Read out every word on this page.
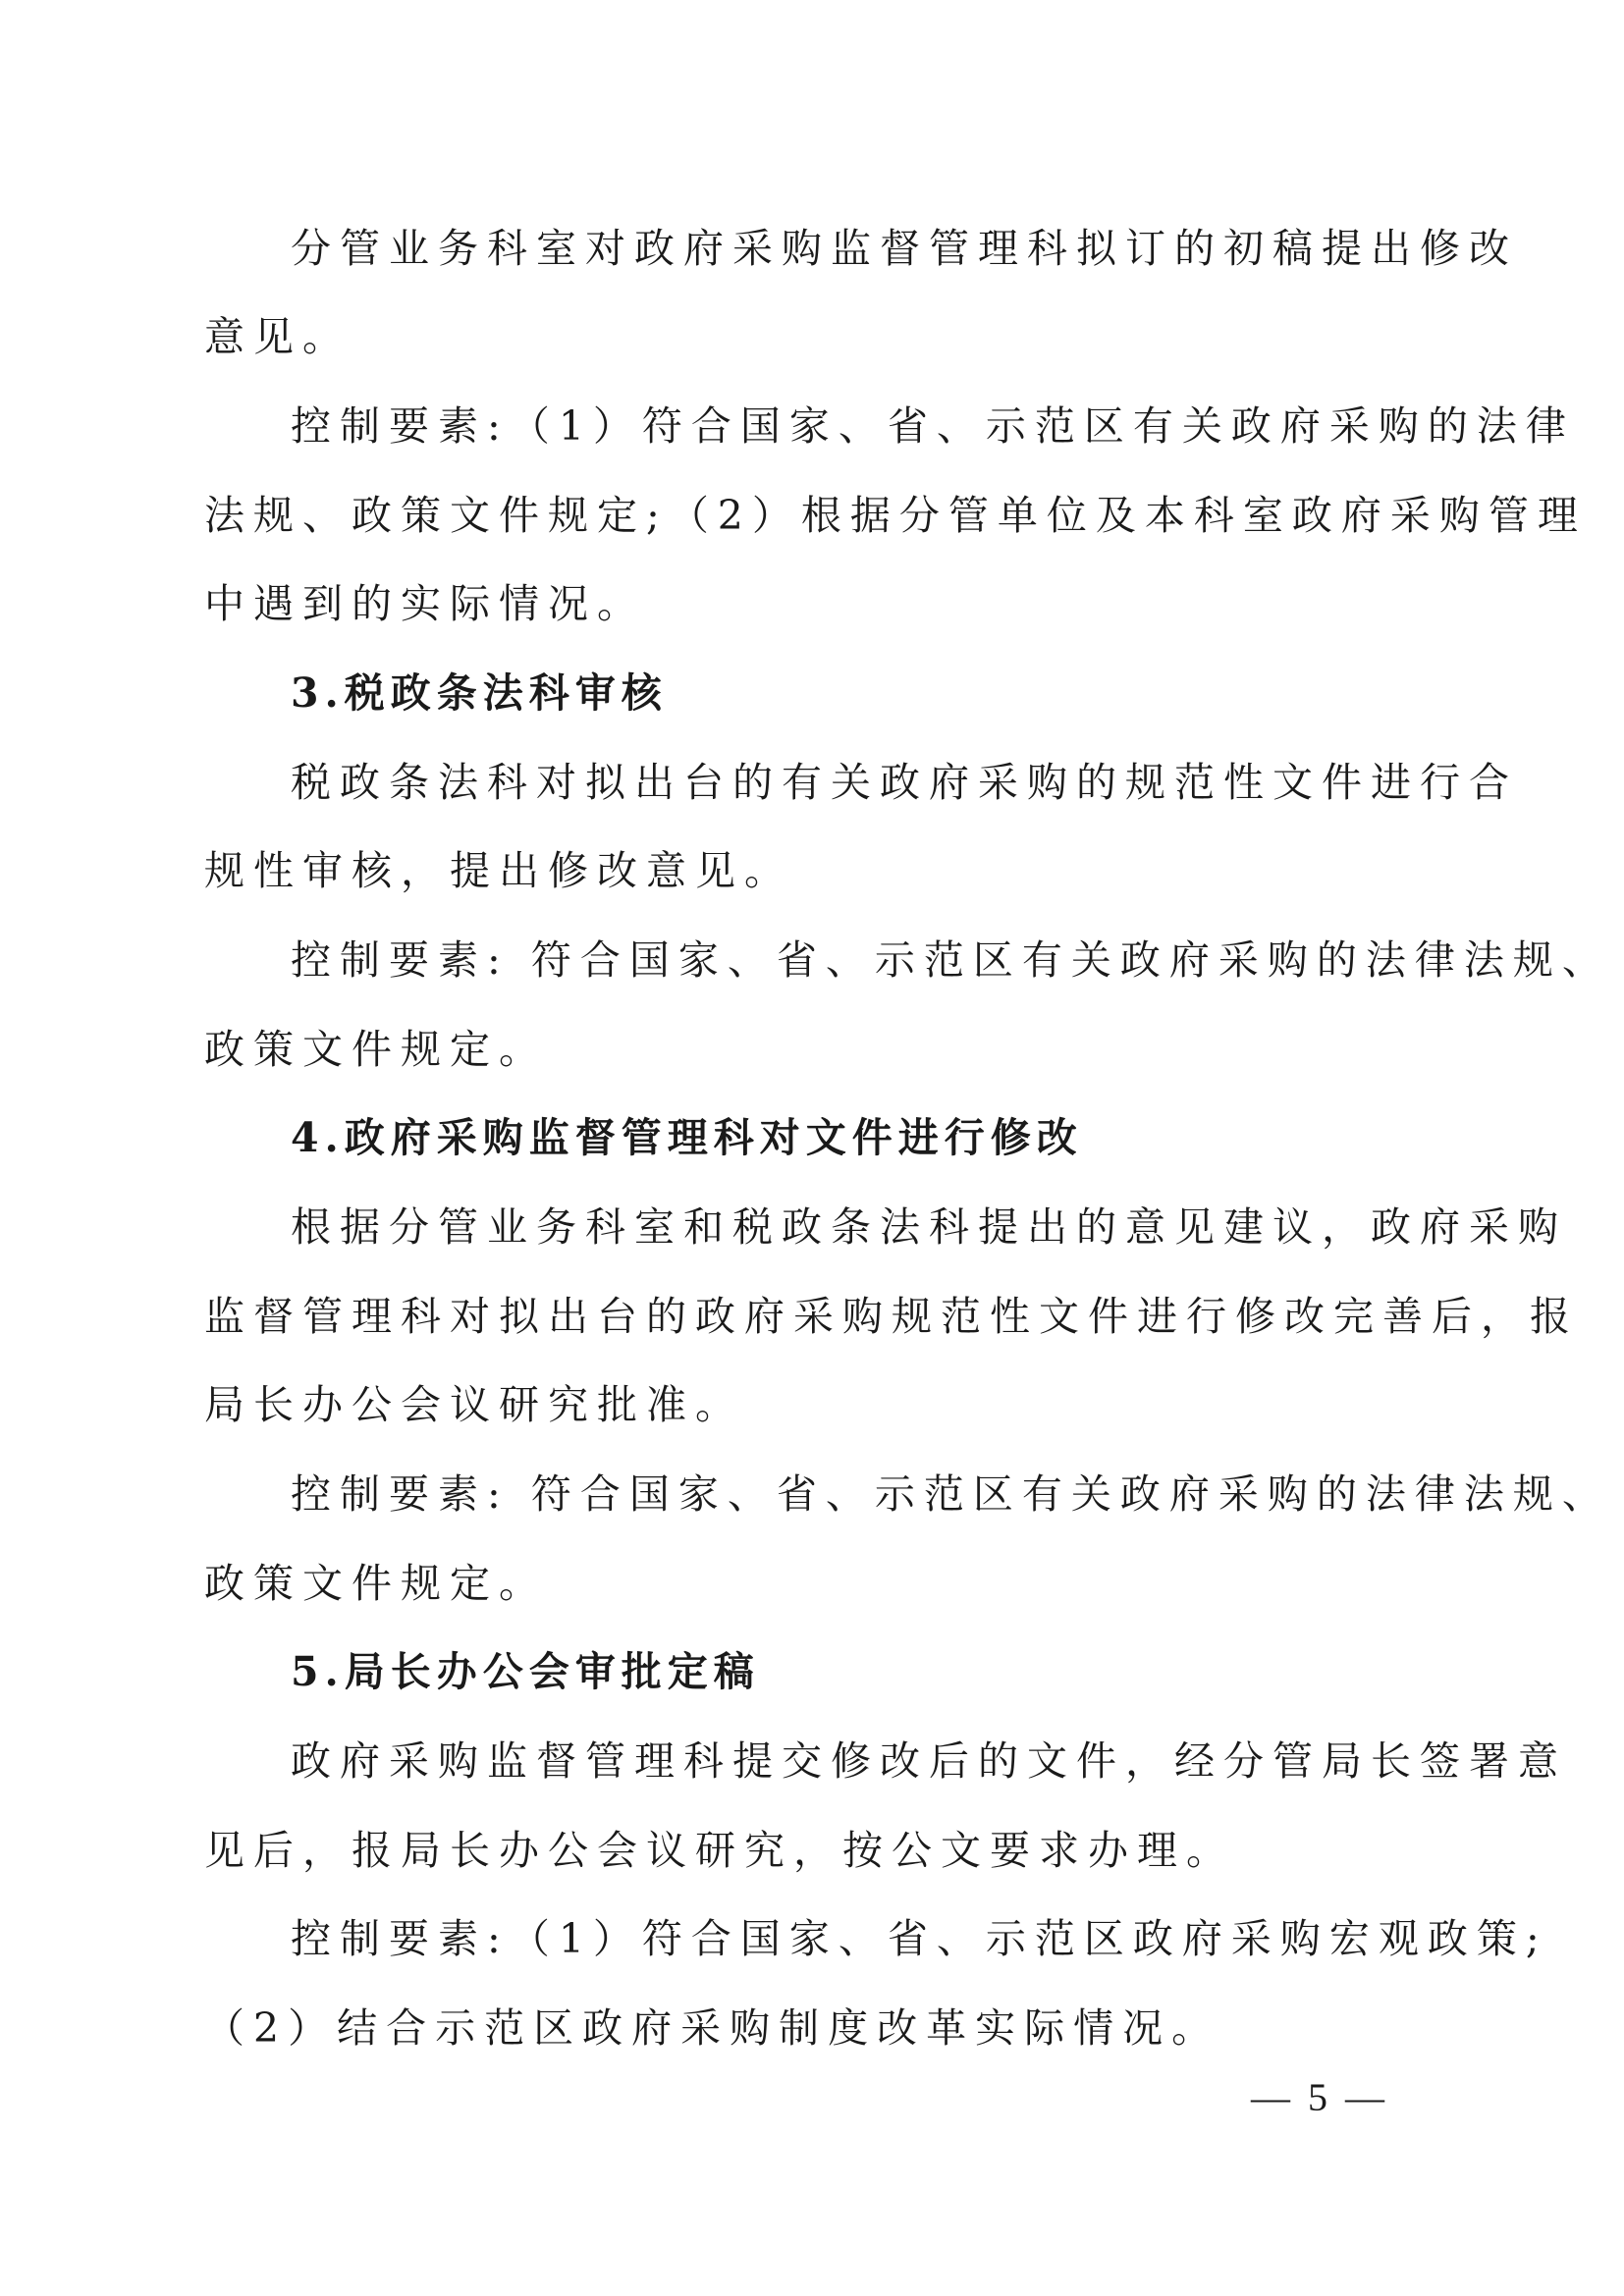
分管业务科室对政府采购监督管理科拟订的初稿提出修改
意见。
控制要素:（1）符合国家、省、示范区有关政府采购的法律
法规、政策文件规定;（2）根据分管单位及本科室政府采购管理
中遇到的实际情况。
3.税政条法科审核
税政条法科对拟出台的有关政府采购的规范性文件进行合
规性审核，提出修改意见。
控制要素: 符合国家、省、示范区有关政府采购的法律法规、
政策文件规定。
4.政府采购监督管理科对文件进行修改
根据分管业务科室和税政条法科提出的意见建议，政府采购
监督管理科对拟出台的政府采购规范性文件进行修改完善后，报
局长办公会议研究批准。
控制要素: 符合国家、省、示范区有关政府采购的法律法规、
政策文件规定。
5.局长办公会审批定稿
政府采购监督管理科提交修改后的文件，经分管局长签署意
见后，报局长办公会议研究，按公文要求办理。
控制要素:（1）符合国家、省、示范区政府采购宏观政策;
（2）结合示范区政府采购制度改革实际情况。
— 5 —
